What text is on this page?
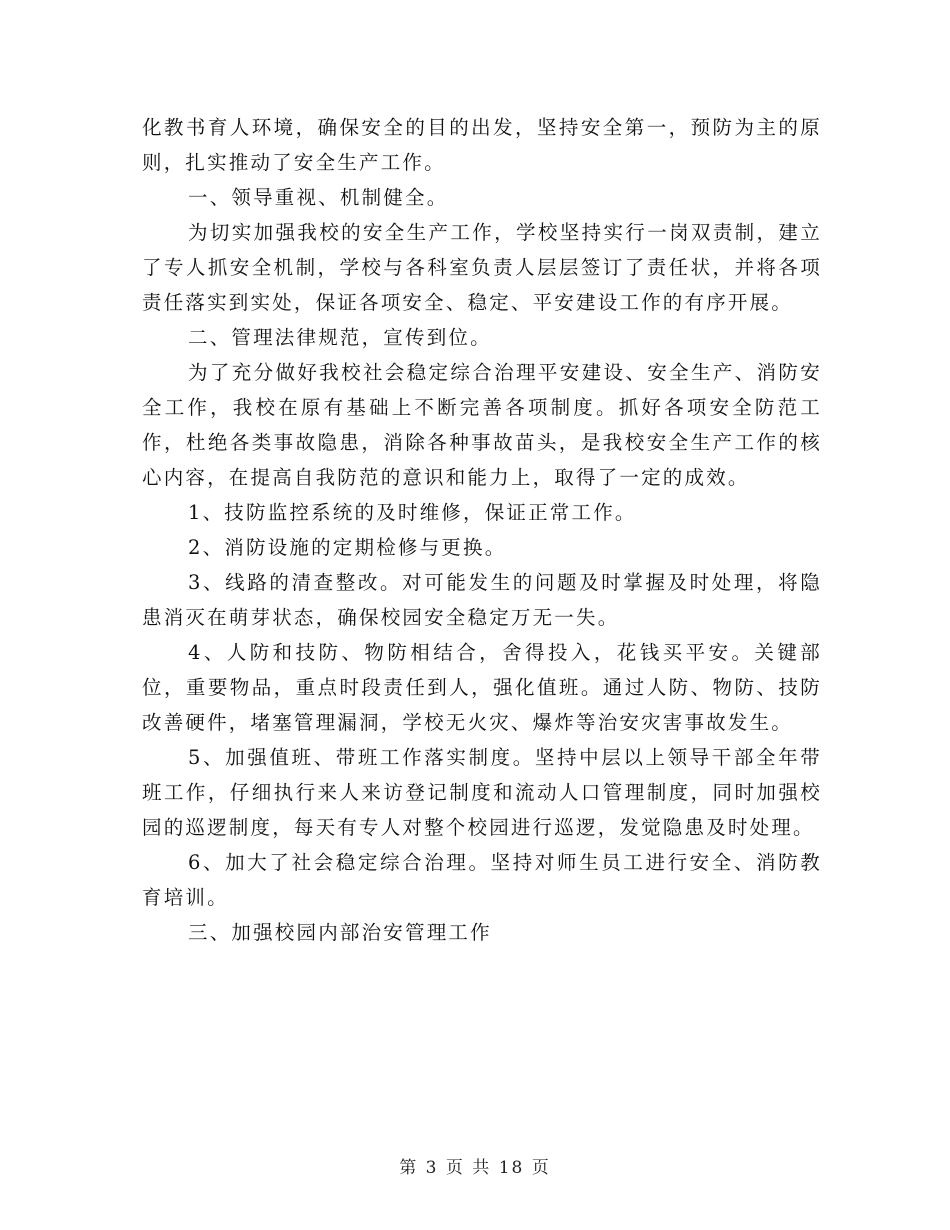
化教书育人环境，确保安全的目的出发，坚持安全第一，预防为主的原则，扎实推动了安全生产工作。

一、领导重视、机制健全。

为切实加强我校的安全生产工作，学校坚持实行一岗双责制，建立了专人抓安全机制，学校与各科室负责人层层签订了责任状，并将各项责任落实到实处，保证各项安全、稳定、平安建设工作的有序开展。

二、管理法律规范，宣传到位。

为了充分做好我校社会稳定综合治理平安建设、安全生产、消防安全工作，我校在原有基础上不断完善各项制度。抓好各项安全防范工作，杜绝各类事故隐患，消除各种事故苗头，是我校安全生产工作的核心内容，在提高自我防范的意识和能力上，取得了一定的成效。

1、技防监控系统的及时维修，保证正常工作。

2、消防设施的定期检修与更换。

3、线路的清查整改。对可能发生的问题及时掌握及时处理，将隐患消灭在萌芽状态，确保校园安全稳定万无一失。

4、人防和技防、物防相结合，舍得投入，花钱买平安。关键部位，重要物品，重点时段责任到人，强化值班。通过人防、物防、技防改善硬件，堵塞管理漏洞，学校无火灾、爆炸等治安灾害事故发生。

5、加强值班、带班工作落实制度。坚持中层以上领导干部全年带班工作，仔细执行来人来访登记制度和流动人口管理制度，同时加强校园的巡逻制度，每天有专人对整个校园进行巡逻，发觉隐患及时处理。

6、加大了社会稳定综合治理。坚持对师生员工进行安全、消防教育培训。

三、加强校园内部治安管理工作

第 3 页 共 18 页
